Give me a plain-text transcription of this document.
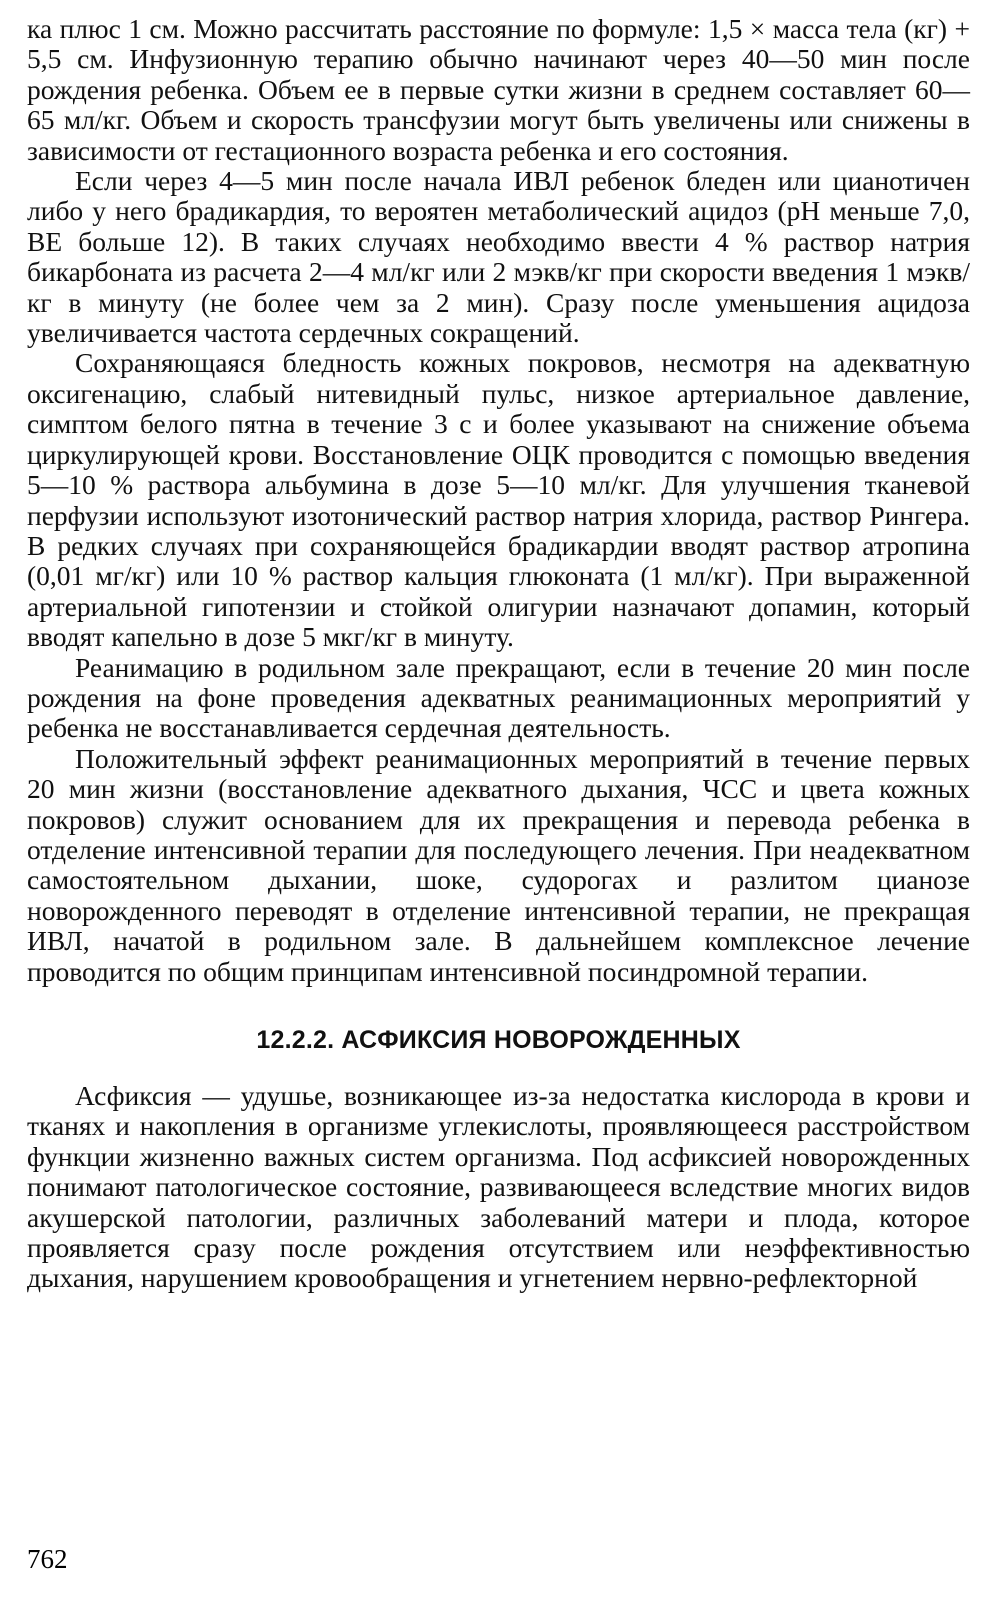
ка плюс 1 см. Можно рассчитать расстояние по формуле: 1,5 × масса тела (кг) + 5,5 см. Инфузионную терапию обычно начинают через 40—50 мин после рождения ребенка. Объем ее в первые сутки жизни в среднем составляет 60—65 мл/кг. Объем и скорость трансфузии могут быть увеличены или снижены в зависимости от гестационного возраста ребенка и его состояния.

Если через 4—5 мин после начала ИВЛ ребенок бледен или цианотичен либо у него брадикардия, то вероятен метаболический ацидоз (pH меньше 7,0, BE больше 12). В таких случаях необходимо ввести 4 % раствор натрия бикарбоната из расчета 2—4 мл/кг или 2 мэкв/кг при скорости введения 1 мэкв/кг в минуту (не более чем за 2 мин). Сразу после уменьшения ацидоза увеличивается частота сердечных сокращений.

Сохраняющаяся бледность кожных покровов, несмотря на адекватную оксигенацию, слабый нитевидный пульс, низкое артериальное давление, симптом белого пятна в течение 3 с и более указывают на снижение объема циркулирующей крови. Восстановление ОЦК проводится с помощью введения 5—10 % раствора альбумина в дозе 5—10 мл/кг. Для улучшения тканевой перфузии используют изотонический раствор натрия хлорида, раствор Рингера. В редких случаях при сохраняющейся брадикардии вводят раствор атропина (0,01 мг/кг) или 10 % раствор кальция глюконата (1 мл/кг). При выраженной артериальной гипотензии и стойкой олигурии назначают допамин, который вводят капельно в дозе 5 мкг/кг в минуту.

Реанимацию в родильном зале прекращают, если в течение 20 мин после рождения на фоне проведения адекватных реанимационных мероприятий у ребенка не восстанавливается сердечная деятельность.

Положительный эффект реанимационных мероприятий в течение первых 20 мин жизни (восстановление адекватного дыхания, ЧСС и цвета кожных покровов) служит основанием для их прекращения и перевода ребенка в отделение интенсивной терапии для последующего лечения. При неадекватном самостоятельном дыхании, шоке, судорогах и разлитом цианозе новорожденного переводят в отделение интенсивной терапии, не прекращая ИВЛ, начатой в родильном зале. В дальнейшем комплексное лечение проводится по общим принципам интенсивной посиндромной терапии.

12.2.2. АСФИКСИЯ НОВОРОЖДЕННЫХ

Асфиксия — удушье, возникающее из-за недостатка кислорода в крови и тканях и накопления в организме углекислоты, проявляющееся расстройством функции жизненно важных систем организма. Под асфиксией новорожденных понимают патологическое состояние, развивающееся вследствие многих видов акушерской патологии, различных заболеваний матери и плода, которое проявляется сразу после рождения отсутствием или неэффективностью дыхания, нарушением кровообращения и угнетением нервно-рефлекторной

762
